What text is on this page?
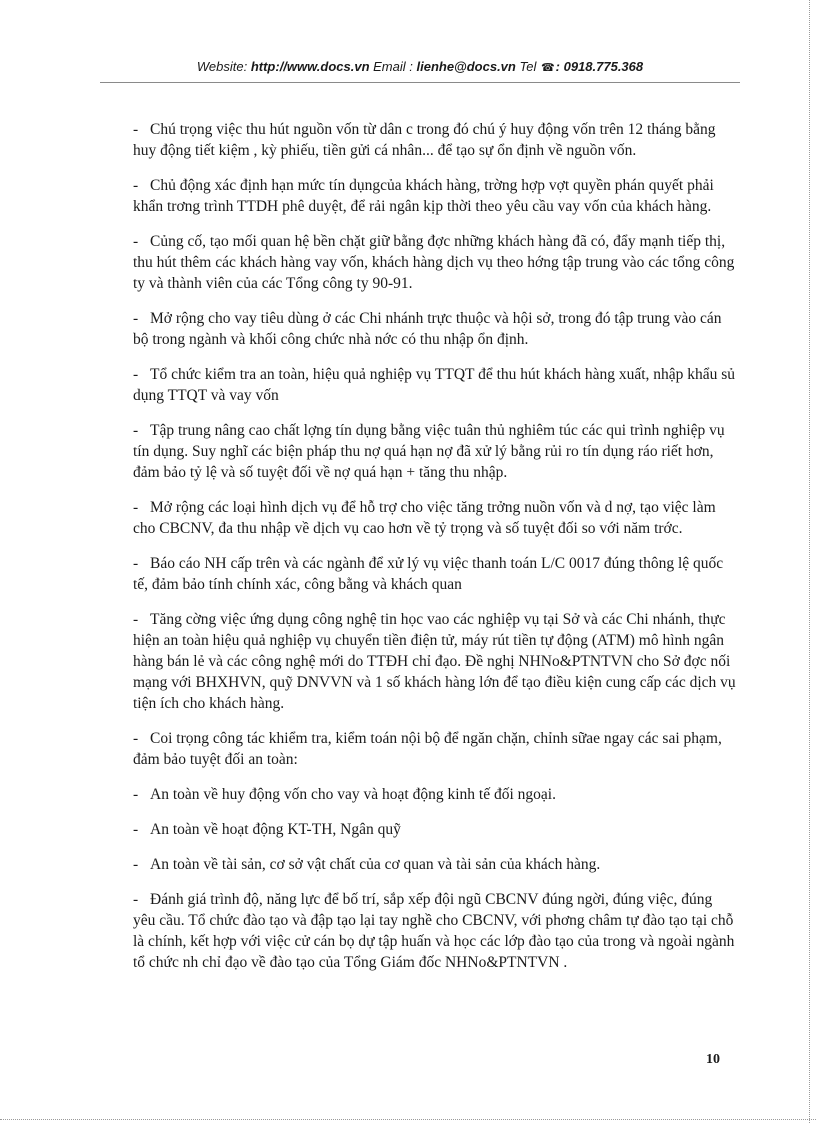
Website: http://www.docs.vn Email : lienhe@docs.vn Tel ☎: 0918.775.368

- Chú trọng việc thu hút nguồn vốn từ dân c trong đó chú ý huy động vốn trên 12 tháng bằng huy động tiết kiệm , kỳ phiếu, tiền gửi cá nhân... để tạo sự ổn định về nguồn vốn.

- Chủ động xác định hạn mức tín dụngcủa khách hàng, trờng hợp vợt quyền phán quyết phải khẩn trơng trình TTDH phê duyệt, để rải ngân kịp thời theo yêu cầu vay vốn của khách hàng.

- Củng cố, tạo mối quan hệ bền chặt giữ bằng đợc những khách hàng đã có, đẩy mạnh tiếp thị, thu hút thêm các khách hàng vay vốn, khách hàng dịch vụ theo hớng tập trung vào các tổng công ty và thành viên của các Tổng công ty 90-91.

- Mở rộng cho vay tiêu dùng ở các Chi nhánh trực thuộc và hội sở, trong đó tập trung vào cán bộ trong ngành và khối công chức nhà nớc có thu nhập ổn định.

- Tổ chức kiểm tra an toàn, hiệu quả nghiệp vụ TTQT để thu hút khách hàng xuất, nhập khẩu sủ dụng TTQT và vay vốn

- Tập trung nâng cao chất lợng tín dụng bằng việc tuân thủ nghiêm túc các qui trình nghiệp vụ tín dụng. Suy nghĩ các biện pháp thu nợ quá hạn nợ đã xử lý bằng rủi ro tín dụng ráo riết hơn, đảm bảo tỷ lệ và số tuyệt đối về nợ quá hạn + tăng thu nhập.

- Mở rộng các loại hình dịch vụ để hỗ trợ cho việc tăng trởng nuồn vốn và d nợ, tạo việc làm cho CBCNV, đa thu nhập về dịch vụ cao hơn về tỷ trọng và số tuyệt đối so với năm trớc.

- Báo cáo NH cấp trên và các ngành để xử lý vụ việc thanh toán L/C 0017 đúng thông lệ quốc tế, đảm bảo tính chính xác, công bằng và khách quan

- Tăng cờng việc ứng dụng công nghệ tin học vao các nghiệp vụ tại Sở và các Chi nhánh, thực hiện an toàn hiệu quả nghiệp vụ chuyển tiền điện tử, máy rút tiền tự động (ATM) mô hình ngân hàng bán lẻ và các công nghệ mới do TTĐH chỉ đạo. Đề nghị NHNo&PTNTVN cho Sở đợc nối mạng với BHXHVN, quỹ DNVVN và 1 số khách hàng lớn để tạo điều kiện cung cấp các dịch vụ tiện ích cho khách hàng.

- Coi trọng công tác khiểm tra, kiểm toán nội bộ để ngăn chặn, chỉnh sữae ngay các sai phạm, đảm bảo tuyệt đối an toàn:

- An toàn về huy động vốn cho vay và hoạt động kinh tế đối ngoại.

- An toàn về hoạt động KT-TH, Ngân quỹ

- An toàn về tài sản, cơ sở vật chất của cơ quan và tài sản của khách hàng.

- Đánh giá trình độ, năng lực để bố trí, sắp xếp đội ngũ CBCNV đúng ngời, đúng việc, đúng yêu cầu. Tổ chức đào tạo và đập tạo lại tay nghề cho CBCNV, với phơng châm tự đào tạo tại chỗ là chính, kết hợp với việc cử cán bọ dự tập huấn và học các lớp đào tạo của trong và ngoài ngành tổ chức nh chỉ đạo về đào tạo của Tổng Giám đốc NHNo&PTNTVN .

10
